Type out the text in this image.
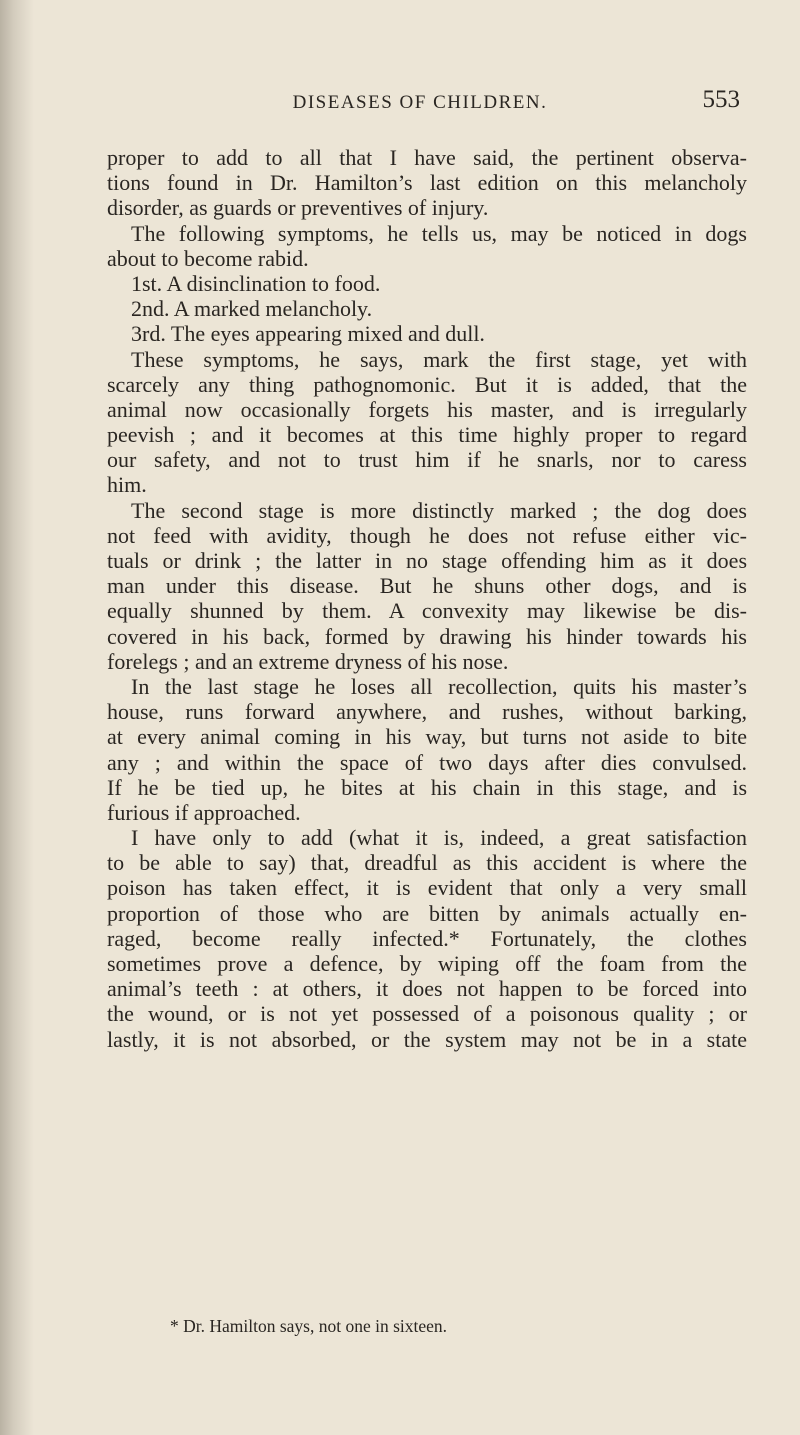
DISEASES OF CHILDREN.	553
proper to add to all that I have said, the pertinent observa-
tions found in Dr. Hamilton’s last edition on this melancholy
disorder, as guards or preventives of injury.
The following symptoms, he tells us, may be noticed in dogs
about to become rabid.
1st. A disinclination to food.
2nd. A marked melancholy.
3rd. The eyes appearing mixed and dull.
These symptoms, he says, mark the first stage, yet with
scarcely any thing pathognomonic. But it is added, that the
animal now occasionally forgets his master, and is irregularly
peevish ; and it becomes at this time highly proper to regard
our safety, and not to trust him if he snarls, nor to caress
him.
The second stage is more distinctly marked ; the dog does
not feed with avidity, though he does not refuse either vic-
tuals or drink ; the latter in no stage offending him as it does
man under this disease. But he shuns other dogs, and is
equally shunned by them. A convexity may likewise be dis-
covered in his back, formed by drawing his hinder towards his
forelegs ; and an extreme dryness of his nose.
In the last stage he loses all recollection, quits his master’s
house, runs forward anywhere, and rushes, without barking,
at every animal coming in his way, but turns not aside to bite
any ; and within the space of two days after dies convulsed.
If he be tied up, he bites at his chain in this stage, and is
furious if approached.
I have only to add (what it is, indeed, a great satisfaction
to be able to say) that, dreadful as this accident is where the
poison has taken effect, it is evident that only a very small
proportion of those who are bitten by animals actually en-
raged, become really infected.* Fortunately, the clothes
sometimes prove a defence, by wiping off the foam from the
animal’s teeth : at others, it does not happen to be forced into
the wound, or is not yet possessed of a poisonous quality ; or
lastly, it is not absorbed, or the system may not be in a state
* Dr. Hamilton says, not one in sixteen.
